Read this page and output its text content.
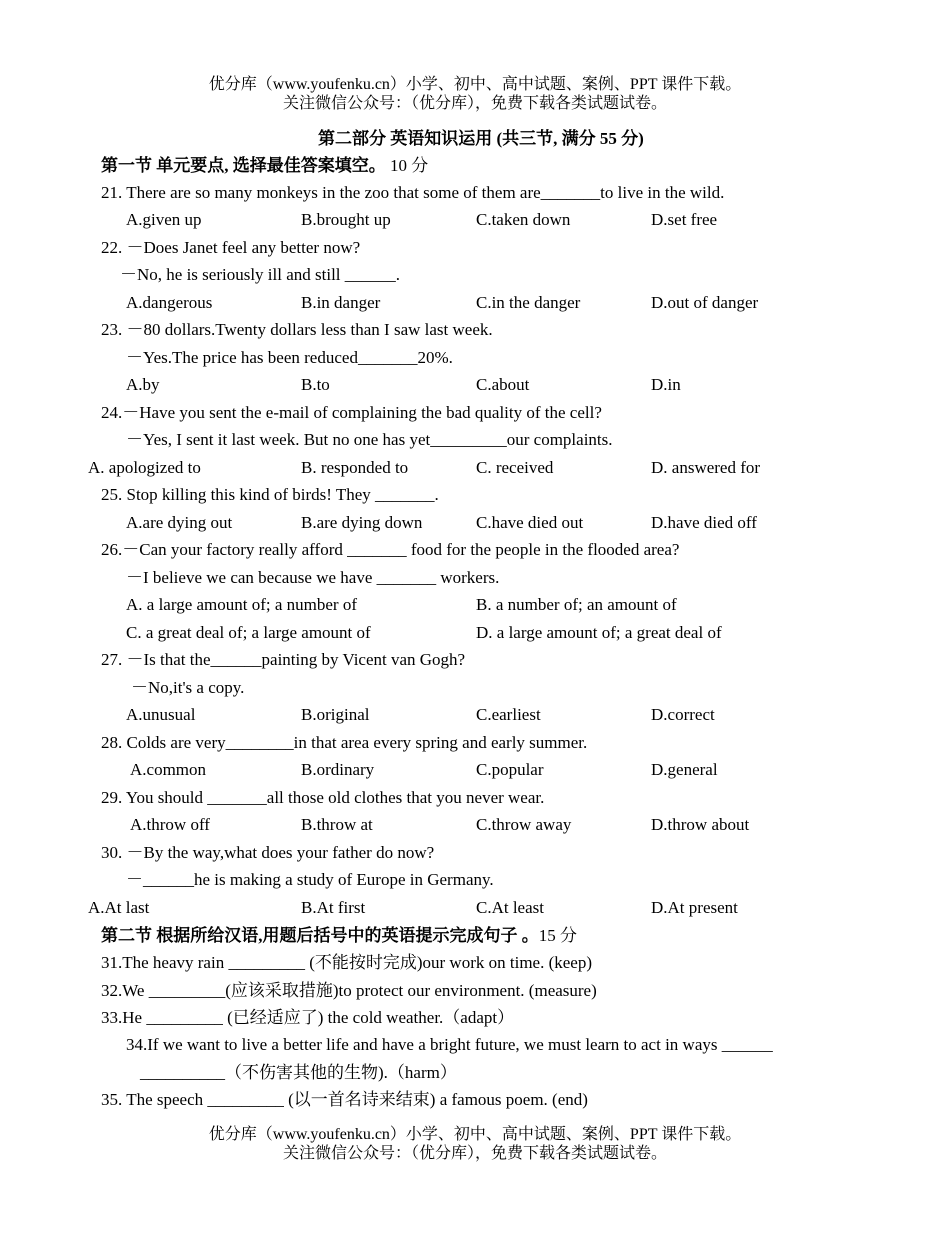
优分库（www.youfenku.cn）小学、初中、高中试题、案例、PPT 课件下载。
关注微信公众号：（优分库），免费下载各类试题试卷。
第二部分 英语知识运用 (共三节, 满分 55 分)
第一节 单元要点, 选择最佳答案填空。 10 分
21. There are so many monkeys in the zoo that some of them are_______to live in the wild.
A.given up	B.brought up	C.taken down	D.set free
22. －Does Janet feel any better now?
－No, he is seriously ill and still ______.
A.dangerous	B.in danger	C.in the danger	D.out of danger
23. －80 dollars.Twenty dollars less than I saw last week.
－Yes.The price has been reduced_______20%.
A.by	B.to	C.about	D.in
24.－Have you sent the e-mail of complaining the bad quality of the cell?
－Yes, I sent it last week. But no one has yet_________our complaints.
A. apologized to	B. responded to	C. received	D. answered for
25. Stop killing this kind of birds! They _______.
A.are dying out	B.are dying down	C.have died out	D.have died off
26.－Can your factory really afford _______ food for the people in the flooded area?
－I believe we can because we have _______ workers.
A. a large amount of; a number of	B. a number of; an amount of
C. a great deal of; a large amount of	D. a large amount of; a great deal of
27. －Is that the______painting by Vicent van Gogh?
－No,it's a copy.
A.unusual	B.original	C.earliest	D.correct
28. Colds are very________in that area every spring and early summer.
A.common	B.ordinary	C.popular	D.general
29. You should _______all those old clothes that you never wear.
A.throw off	B.throw at	C.throw away	D.throw about
30. －By the way,what does your father do now?
－______he is making a study of Europe in Germany.
A.At last	B.At first	C.At least	D.At present
第二节 根据所给汉语,用题后括号中的英语提示完成句子 。15 分
31.The heavy rain _________ (不能按时完成)our work on time. (keep)
32.We _________(应该采取措施)to protect our environment. (measure)
33.He _________ (已经适应了) the cold weather.（adapt）
34.If we want to live a better life and have a bright future, we must learn to act in ways ______
__________（不伤害其他的生物).（harm）
35. The speech _________ (以一首名诗来结束) a famous poem. (end)
优分库（www.youfenku.cn）小学、初中、高中试题、案例、PPT 课件下载。
关注微信公众号：（优分库），免费下载各类试题试卷。
